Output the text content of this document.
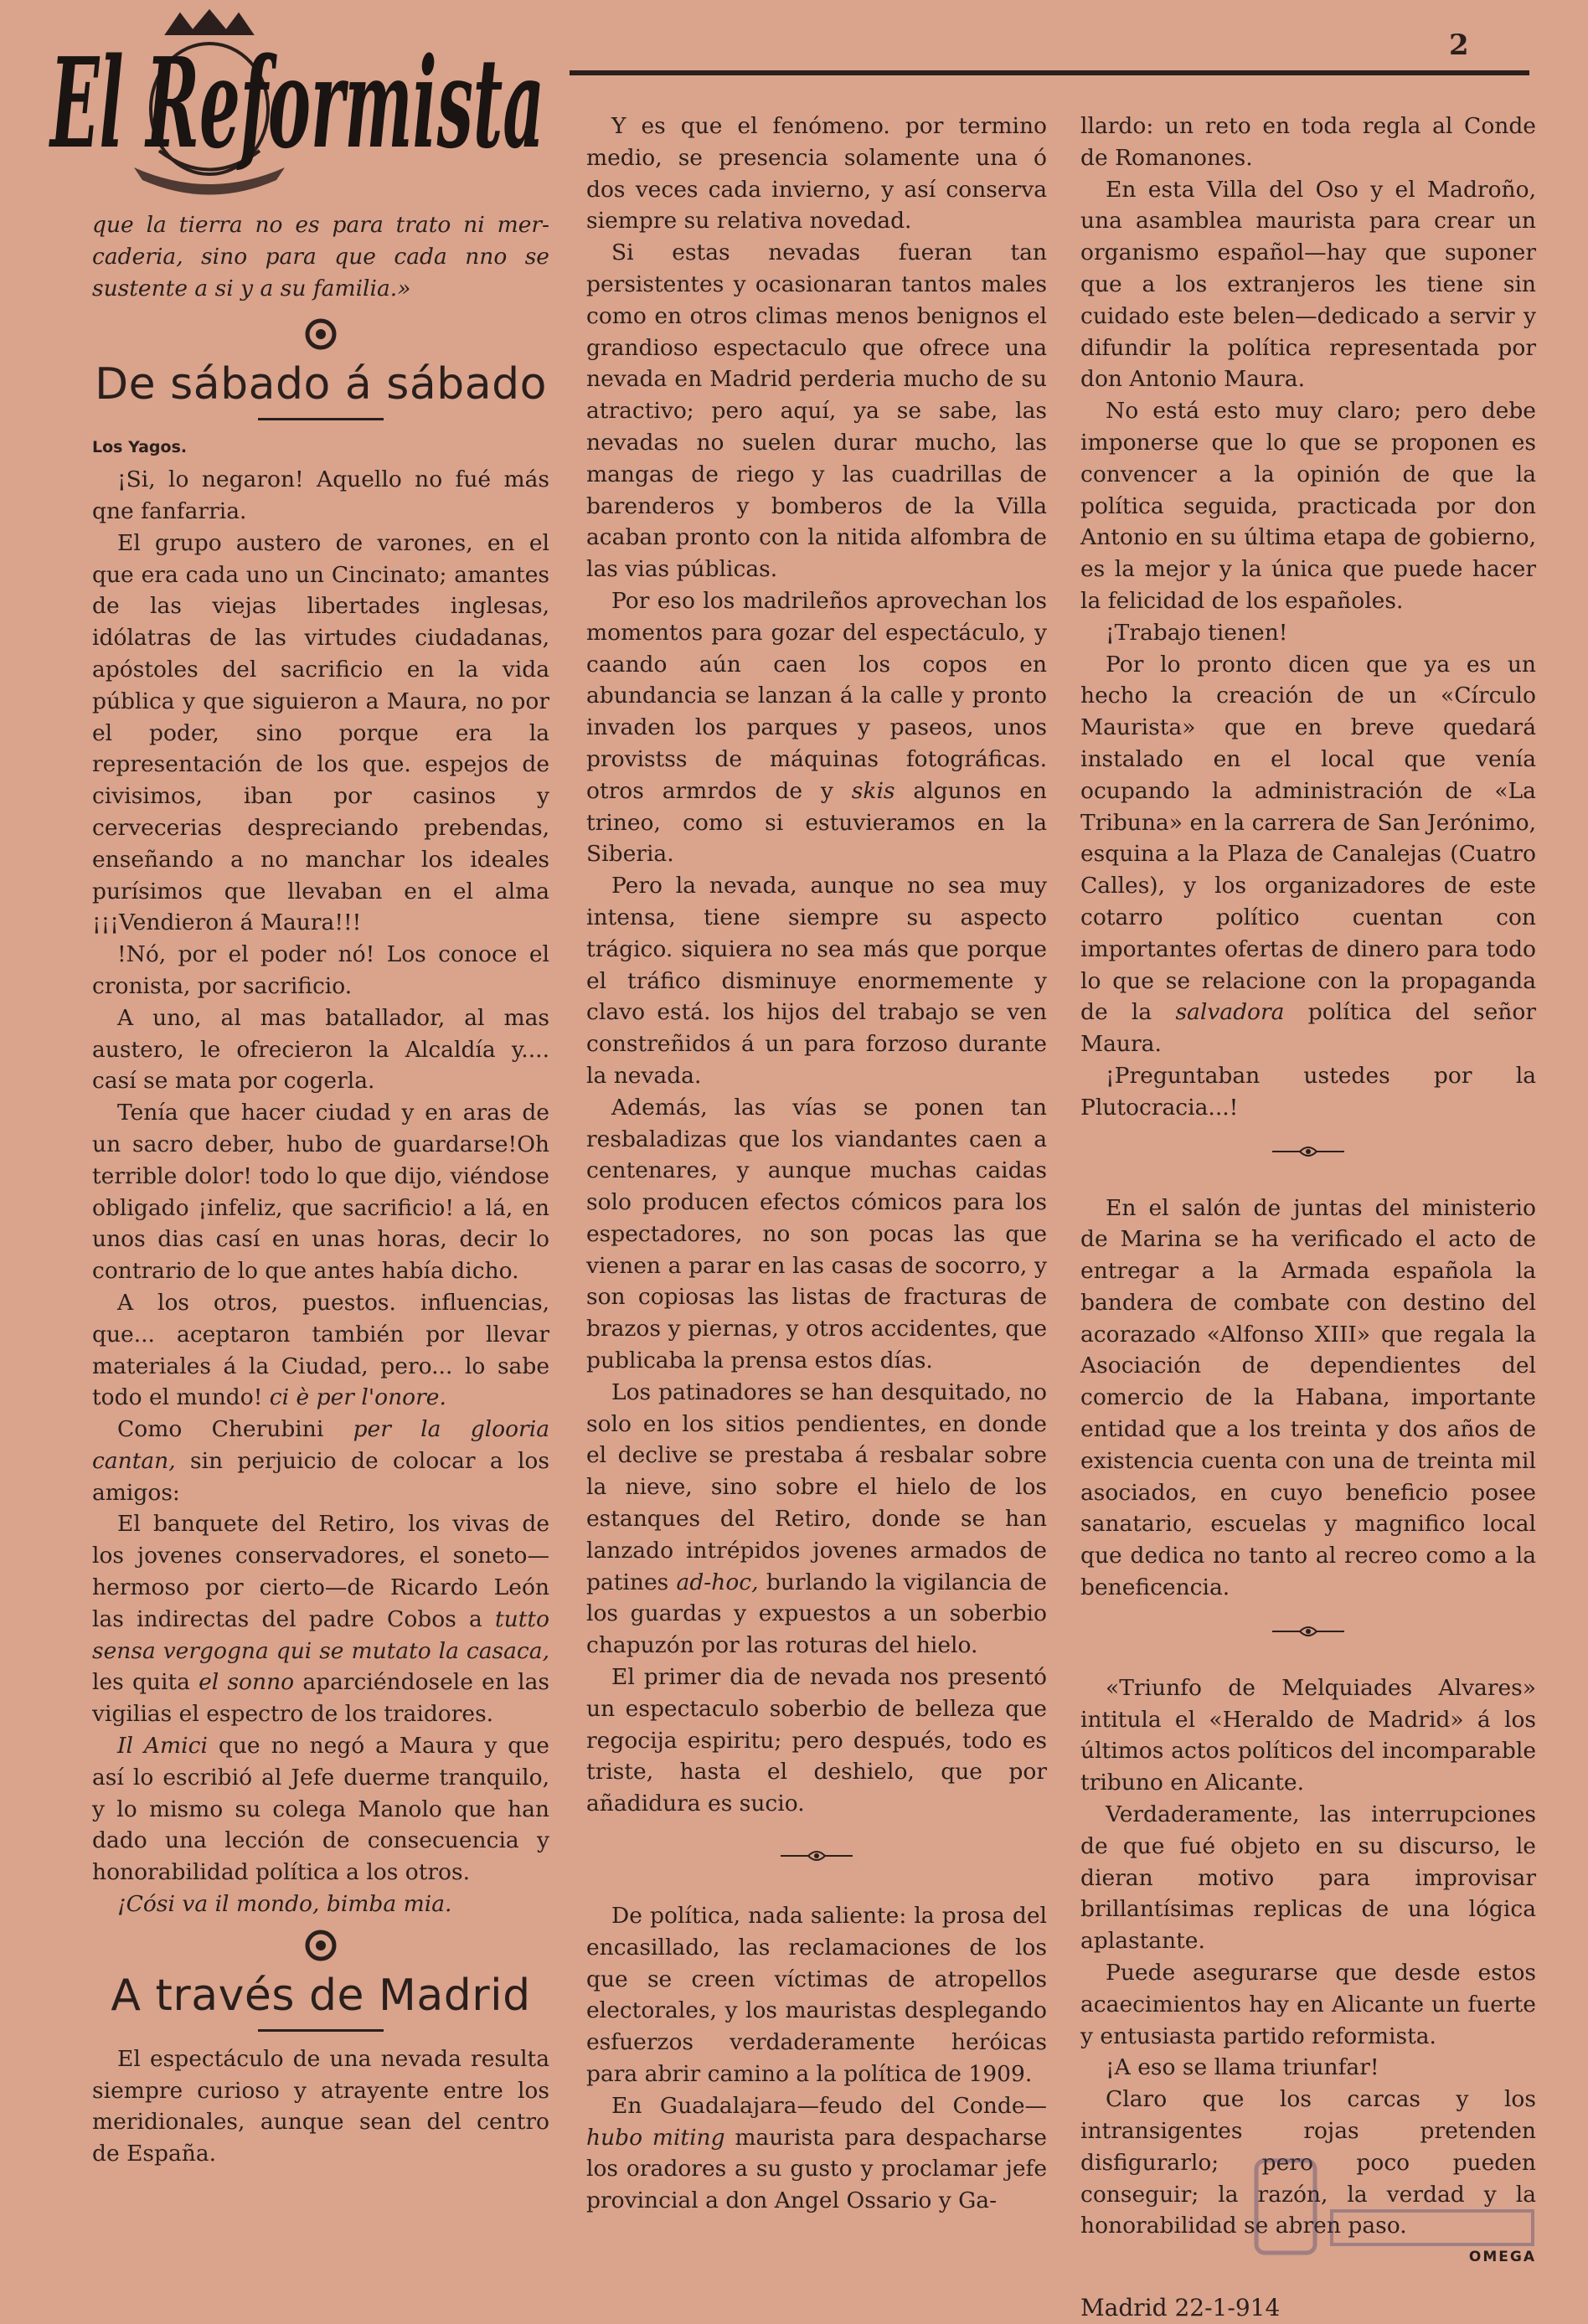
El Reformista	2

que la tierra no es para trato ni mer-caderia, sino para que cada nno se sustente a si y a su familia.»

De sábado á sábado

Los Yagos.

¡Si, lo negaron! Aquello no fué más qne fanfarria.

El grupo austero de varones, en el que era cada uno un Cincinato; amantes de las viejas libertades inglesas, idólatras de las virtudes ciudadanas, apóstoles del sacrificio en la vida pública y que siguieron a Maura, no por el poder, sino porque era la representación de los que. espejos de civisimos, iban por casinos y cervecerias despreciando prebendas, enseñando a no manchar los ideales purísimos que llevaban en el alma ¡¡¡Vendieron á Maura!!!

!Nó, por el poder nó! Los conoce el cronista, por sacrificio.

A uno, al mas batallador, al mas austero, le ofrecieron la Alcaldía y.... casí se mata por cogerla.

Tenía que hacer ciudad y en aras de un sacro deber, hubo de guardarse!Oh terrible dolor! todo lo que dijo, viéndose obligado ¡infeliz, que sacrificio! a lá, en unos dias casí en unas horas, decir lo contrario de lo que antes había dicho.

A los otros, puestos. influencias, que... aceptaron también por llevar materiales á la Ciudad, pero... lo sabe todo el mundo! ci è per l'onore.

Como Cherubini per la glooria cantan, sin perjuicio de colocar a los amigos:

El banquete del Retiro, los vivas de los jovenes conservadores, el soneto—hermoso por cierto—de Ricardo León las indirectas del padre Cobos a tutto sensa vergogna qui se mutato la casaca, les quita el sonno aparciéndosele en las vigilias el espectro de los traidores.

Il Amici que no negó a Maura y que así lo escribió al Jefe duerme tranquilo, y lo mismo su colega Manolo que han dado una lección de consecuencia y honorabilidad política a los otros.

¡Cósi va il mondo, bimba mia.

A través de Madrid

El espectáculo de una nevada resulta siempre curioso y atrayente entre los meridionales, aunque sean del centro de España.

Y es que el fenómeno. por termino medio, se presencia solamente una ó dos veces cada invierno, y así conserva siempre su relativa novedad.

Si estas nevadas fueran tan persistentes y ocasionaran tantos males como en otros climas menos benignos el grandioso espectaculo que ofrece una nevada en Madrid perderia mucho de su atractivo; pero aquí, ya se sabe, las nevadas no suelen durar mucho, las mangas de riego y las cuadrillas de barenderos y bomberos de la Villa acaban pronto con la nitida alfombra de las vias públicas.

Por eso los madrileños aprovechan los momentos para gozar del espectáculo, y caando aún caen los copos en abundancia se lanzan á la calle y pronto invaden los parques y paseos, unos provistss de máquinas fotográficas. otros armrdos de y skis algunos en trineo, como si estuvieramos en la Siberia.

Pero la nevada, aunque no sea muy intensa, tiene siempre su aspecto trágico. siquiera no sea más que porque el tráfico disminuye enormemente y clavo está. los hijos del trabajo se ven constreñidos á un para forzoso durante la nevada.

Además, las vías se ponen tan resbaladizas que los viandantes caen a centenares, y aunque muchas caidas solo producen efectos cómicos para los espectadores, no son pocas las que vienen a parar en las casas de socorro, y son copiosas las listas de fracturas de brazos y piernas, y otros accidentes, que publicaba la prensa estos días.

Los patinadores se han desquitado, no solo en los sitios pendientes, en donde el declive se prestaba á resbalar sobre la nieve, sino sobre el hielo de los estanques del Retiro, donde se han lanzado intrépidos jovenes armados de patines ad-hoc, burlando la vigilancia de los guardas y expuestos a un soberbio chapuzón por las roturas del hielo.

El primer dia de nevada nos presentó un espectaculo soberbio de belleza que regocija espiritu; pero después, todo es triste, hasta el deshielo, que por añadidura es sucio.

De política, nada saliente: la prosa del encasillado, las reclamaciones de los que se creen víctimas de atropellos electorales, y los mauristas desplegando esfuerzos verdaderamente heróicas para abrir camino a la política de 1909.

En Guadalajara—feudo del Conde— hubo miting maurista para despacharse los oradores a su gusto y proclamar jefe provincial a don Angel Ossario y Ga-

llardo: un reto en toda regla al Conde de Romanones.

En esta Villa del Oso y el Madroño, una asamblea maurista para crear un organismo español—hay que suponer que a los extranjeros les tiene sin cuidado este belen—dedicado a servir y difundir la política representada por don Antonio Maura.

No está esto muy claro; pero debe imponerse que lo que se proponen es convencer a la opinión de que la política seguida, practicada por don Antonio en su última etapa de gobierno, es la mejor y la única que puede hacer la felicidad de los españoles.

¡Trabajo tienen!

Por lo pronto dicen que ya es un hecho la creación de un «Círculo Maurista» que en breve quedará instalado en el local que venía ocupando la administración de «La Tribuna» en la carrera de San Jerónimo, esquina a la Plaza de Canalejas (Cuatro Calles), y los organizadores de este cotarro político cuentan con importantes ofertas de dinero para todo lo que se relacione con la propaganda de la salvadora política del señor Maura.

¡Preguntaban ustedes por la Plutocracia...!

En el salón de juntas del ministerio de Marina se ha verificado el acto de entregar a la Armada española la bandera de combate con destino del acorazado «Alfonso XIII» que regala la Asociación de dependientes del comercio de la Habana, importante entidad que a los treinta y dos años de existencia cuenta con una de treinta mil asociados, en cuyo beneficio posee sanatario, escuelas y magnifico local que dedica no tanto al recreo como a la beneficencia.

«Triunfo de Melquiades Alvares» intitula el «Heraldo de Madrid» á los últimos actos políticos del incomparable tribuno en Alicante.

Verdaderamente, las interrupciones de que fué objeto en su discurso, le dieran motivo para improvisar brillantísimas replicas de una lógica aplastante.

Puede asegurarse que desde estos acaecimientos hay en Alicante un fuerte y entusiasta partido reformista.

¡A eso se llama triunfar!

Claro que los carcas y los intransigentes rojas pretenden disfigurarlo; pero poco pueden conseguir; la razón, la verdad y la honorabilidad se abren paso.

OMEGA
Madrid 22-1-914
